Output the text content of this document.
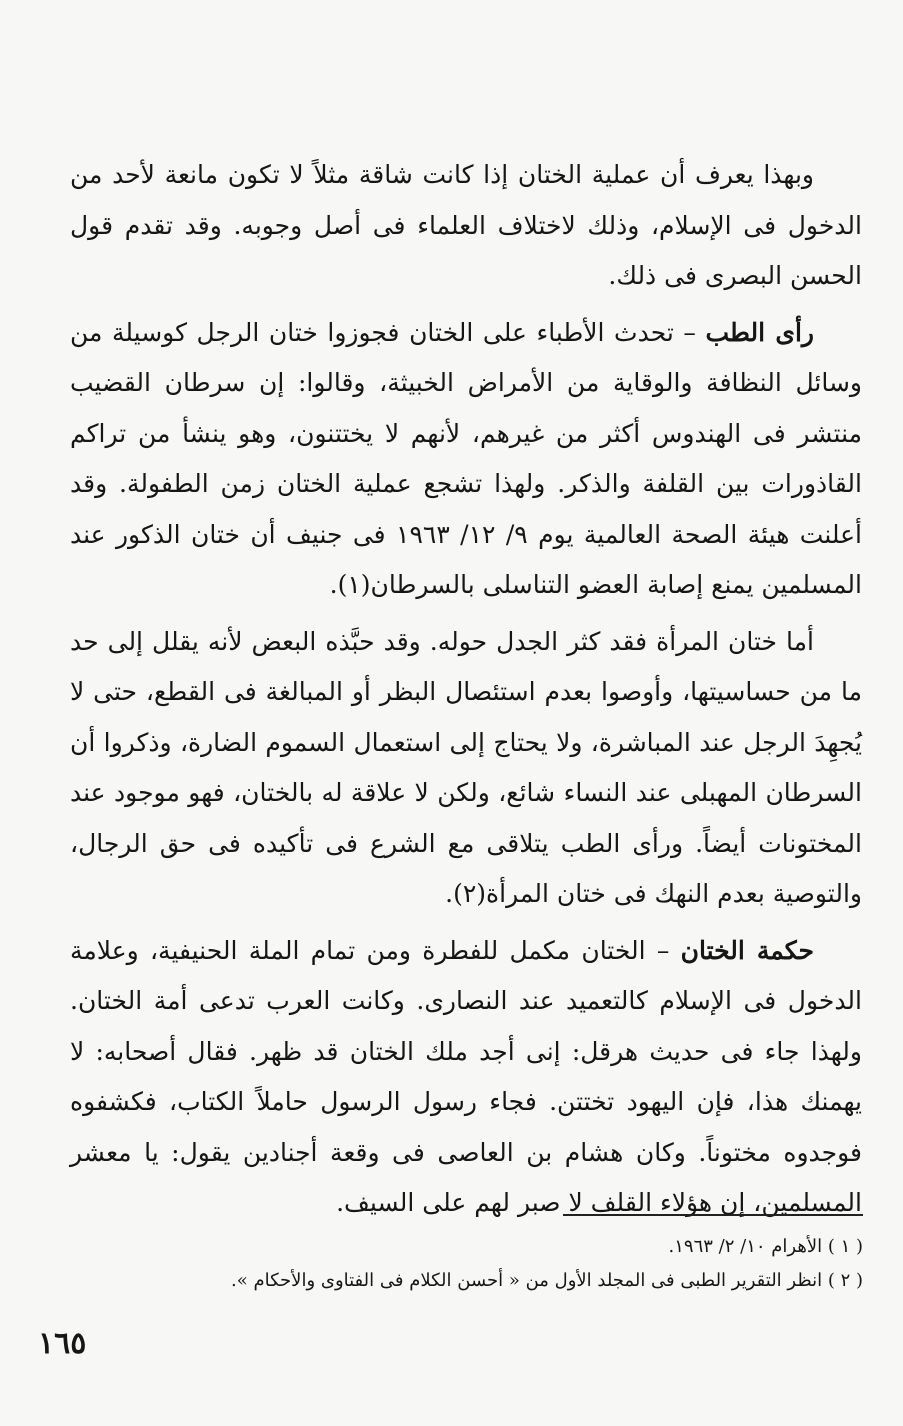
وبهذا يعرف أن عملية الختان إذا كانت شاقة مثلاً لا تكون مانعة لأحد من الدخول فى الإسلام، وذلك لاختلاف العلماء فى أصل وجوبه. وقد تقدم قول الحسن البصرى فى ذلك.

رأى الطب – تحدث الأطباء على الختان فجوزوا ختان الرجل كوسيلة من وسائل النظافة والوقاية من الأمراض الخبيثة، وقالوا: إن سرطان القضيب منتشر فى الهندوس أكثر من غيرهم، لأنهم لا يختتنون، وهو ينشأ من تراكم القاذورات بين القلفة والذكر. ولهذا تشجع عملية الختان زمن الطفولة. وقد أعلنت هيئة الصحة العالمية يوم ٩/ ١٢/ ١٩٦٣ فى جنيف أن ختان الذكور عند المسلمين يمنع إصابة العضو التناسلى بالسرطان(١).

أما ختان المرأة فقد كثر الجدل حوله. وقد حبَّذه البعض لأنه يقلل إلى حد ما من حساسيتها، وأوصوا بعدم استئصال البظر أو المبالغة فى القطع، حتى لا يُجهِدَ الرجل عند المباشرة، ولا يحتاج إلى استعمال السموم الضارة، وذكروا أن السرطان المهبلى عند النساء شائع، ولكن لا علاقة له بالختان، فهو موجود عند المختونات أيضاً. ورأى الطب يتلاقى مع الشرع فى تأكيده فى حق الرجال، والتوصية بعدم النهك فى ختان المرأة(٢).

حكمة الختان – الختان مكمل للفطرة ومن تمام الملة الحنيفية، وعلامة الدخول فى الإسلام كالتعميد عند النصارى. وكانت العرب تدعى أمة الختان. ولهذا جاء فى حديث هرقل: إنى أجد ملك الختان قد ظهر. فقال أصحابه: لا يهمنك هذا، فإن اليهود تختتن. فجاء رسول الرسول حاملاً الكتاب، فكشفوه فوجدوه مختوناً. وكان هشام بن العاصى فى وقعة أجنادين يقول: يا معشر المسلمين، إن هؤلاء القلف لا صبر لهم على السيف.

( ١ ) الأهرام ١٠/ ٢/ ١٩٦٣.

( ٢ ) انظر التقرير الطبى فى المجلد الأول من « أحسن الكلام فى الفتاوى والأحكام ».

١٦٥
